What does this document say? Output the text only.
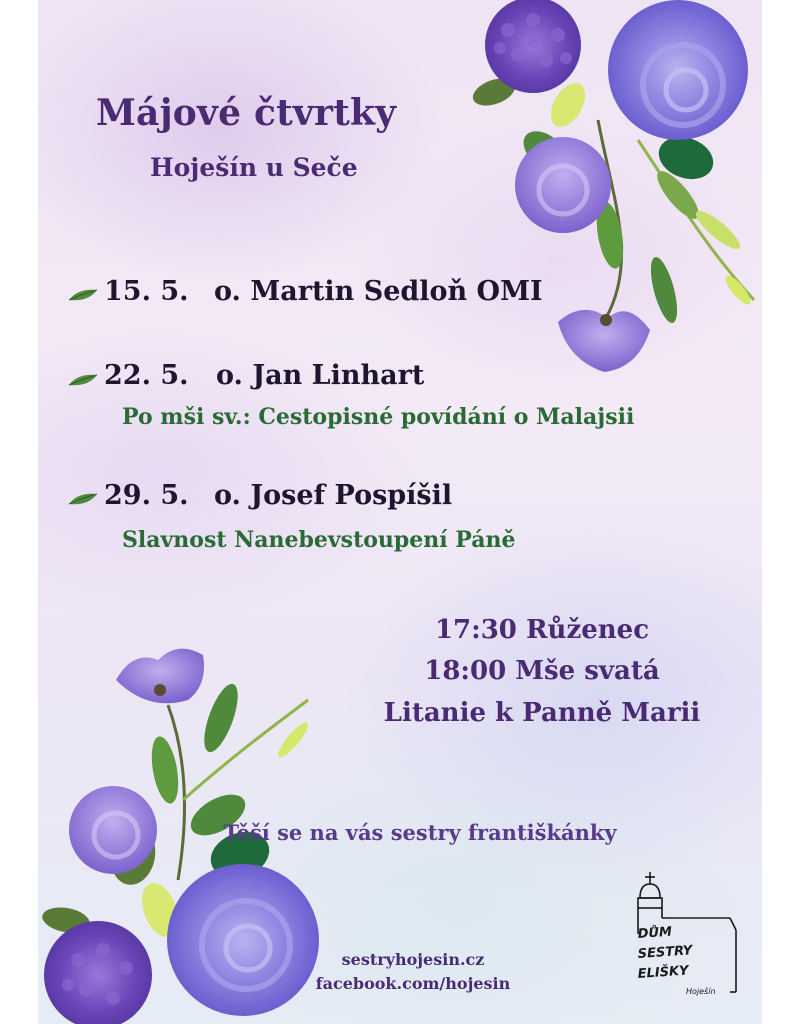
Májové čtvrtky
Hoješín u Seče
15. 5. o. Martin Sedloň OMI
22. 5. o. Jan Linhart
Po mši sv.: Cestopisné povídání o Malajsii
29. 5. o. Josef Pospíšil
Slavnost Nanebevstoupení Páně
17:30 Růženec
18:00 Mše svatá
Litanie k Panně Marii
Těší se na vás sestry františkánky
sestryhojesin.cz
facebook.com/hojesin
DŮM
SESTRY
ELIŠKY
Hoješín
